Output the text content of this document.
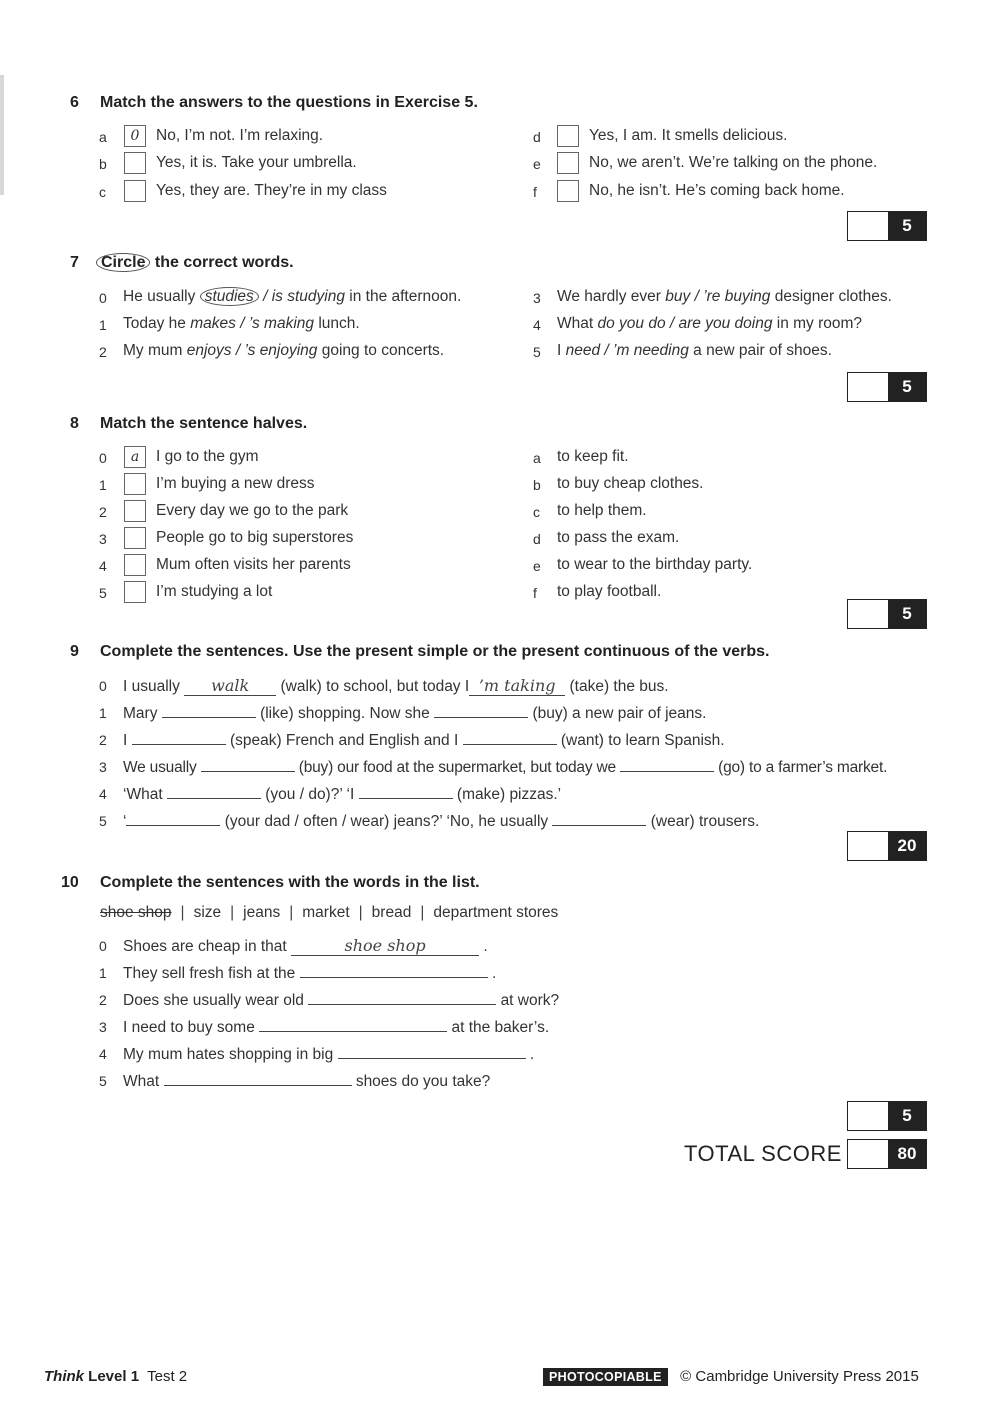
6 Match the answers to the questions in Exercise 5.
a	0	No, I’m not. I’m relaxing.
b	Yes, it is. Take your umbrella.
c	Yes, they are. They’re in my class
d	Yes, I am. It smells delicious.
e	No, we aren’t. We’re talking on the phone.
f	No, he isn’t. He’s coming back home.
5
7	Circle the correct words.
0 He usually studies / is studying in the afternoon.
1 Today he makes / ’s making lunch.
2 My mum enjoys / ’s enjoying going to concerts.
3 We hardly ever buy / ’re buying designer clothes.
4 What do you do / are you doing in my room?
5 I need / ’m needing a new pair of shoes.
5
8 Match the sentence halves.
0	a	I go to the gym
1	I’m buying a new dress
2	Every day we go to the park
3	People go to big superstores
4	Mum often visits her parents
5	I’m studying a lot
a to keep fit.
b to buy cheap clothes.
c to help them.
d to pass the exam.
e to wear to the birthday party.
f to play football.
5
9 Complete the sentences. Use the present simple or the present continuous of the verbs.
0 I usually walk (walk) to school, but today I ’m taking (take) the bus.
1 Mary	(like) shopping. Now she	(buy) a new pair of jeans.
2 I	(speak) French and English and I	(want) to learn Spanish.
3 We usually	(buy) our food at the supermarket, but today we	(go) to a farmer’s market.
4 ‘What	(you / do)?’ ‘I	(make) pizzas.’
5 ‘	(your dad / often / wear) jeans?’ ‘No, he usually	(wear) trousers.
20
10 Complete the sentences with the words in the list.
shoe shop | size | jeans | market | bread | department stores
0 Shoes are cheap in that	shoe shop	.
1 They sell fresh fish at the	.
2 Does she usually wear old	at work?
3 I need to buy some	at the baker’s.
4 My mum hates shopping in big	.
5 What	shoes do you take?
5
TOTAL SCORE	80
Think Level 1 Test 2	PHOTOCOPIABLE © Cambridge University Press 2015
